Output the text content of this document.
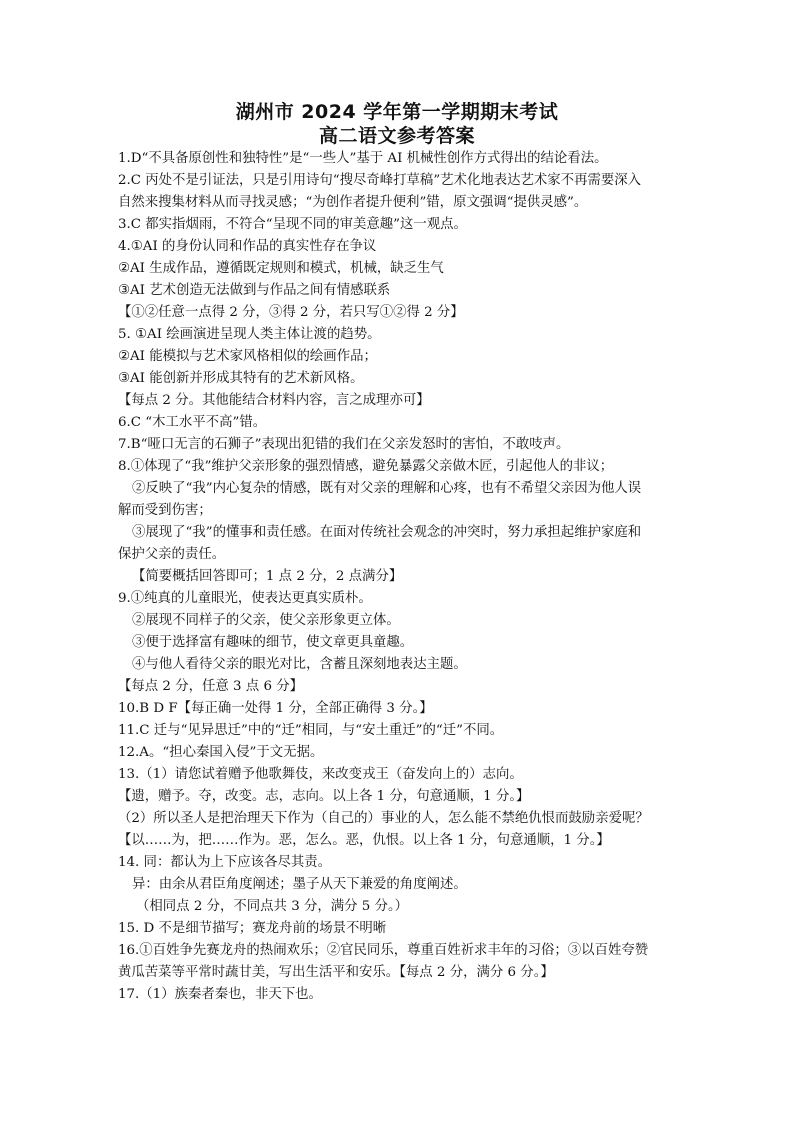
湖州市 2024 学年第一学期期末考试
高二语文参考答案
1.D“不具备原创性和独特性”是“一些人”基于 AI 机械性创作方式得出的结论看法。
2.C 丙处不是引证法，只是引用诗句“搜尽奇峰打草稿”艺术化地表达艺术家不再需要深入
自然来搜集材料从而寻找灵感；“为创作者提升便利”错，原文强调“提供灵感”。
3.C 都实指烟雨，不符合“呈现不同的审美意趣”这一观点。
4.①AI 的身份认同和作品的真实性存在争议
②AI 生成作品，遵循既定规则和模式，机械，缺乏生气
③AI 艺术创造无法做到与作品之间有情感联系
【①②任意一点得 2 分，③得 2 分，若只写①②得 2 分】
5. ①AI 绘画演进呈现人类主体让渡的趋势。
②AI 能模拟与艺术家风格相似的绘画作品；
③AI 能创新并形成其特有的艺术新风格。
【每点 2 分。其他能结合材料内容，言之成理亦可】
6.C “木工水平不高”错。
7.B“哑口无言的石狮子”表现出犯错的我们在父亲发怒时的害怕，不敢吱声。
8.①体现了“我”维护父亲形象的强烈情感，避免暴露父亲做木匠，引起他人的非议；
②反映了“我”内心复杂的情感，既有对父亲的理解和心疼，也有不希望父亲因为他人误
解而受到伤害；
③展现了“我”的懂事和责任感。在面对传统社会观念的冲突时，努力承担起维护家庭和
保护父亲的责任。
【简要概括回答即可；1 点 2 分，2 点满分】
9.①纯真的儿童眼光，使表达更真实质朴。
②展现不同样子的父亲，使父亲形象更立体。
③便于选择富有趣味的细节，使文章更具童趣。
④与他人看待父亲的眼光对比，含蓄且深刻地表达主题。
【每点 2 分，任意 3 点 6 分】
10.B D F【每正确一处得 1 分，全部正确得 3 分。】
11.C 迁与“见异思迁”中的“迁”相同，与“安土重迁”的“迁”不同。
12.A。“担心秦国入侵”于文无据。
13.（1）请您试着赠予他歌舞伎，来改变戎王（奋发向上的）志向。
【遗，赠予。夺，改变。志，志向。以上各 1 分，句意通顺，1 分。】
（2）所以圣人是把治理天下作为（自己的）事业的人，怎么能不禁绝仇恨而鼓励亲爱呢？
【以……为，把……作为。恶，怎么。恶，仇恨。以上各 1 分，句意通顺，1 分。】
14. 同：都认为上下应该各尽其责。
异：由余从君臣角度阐述；墨子从天下兼爱的角度阐述。
（相同点 2 分，不同点共 3 分，满分 5 分。）
15. D 不是细节描写；赛龙舟前的场景不明晰
16.①百姓争先赛龙舟的热闹欢乐；②官民同乐，尊重百姓祈求丰年的习俗；③以百姓夸赞
黄瓜苦菜等平常时蔬甘美，写出生活平和安乐。【每点 2 分，满分 6 分。】
17.（1）族秦者秦也，非天下也。
